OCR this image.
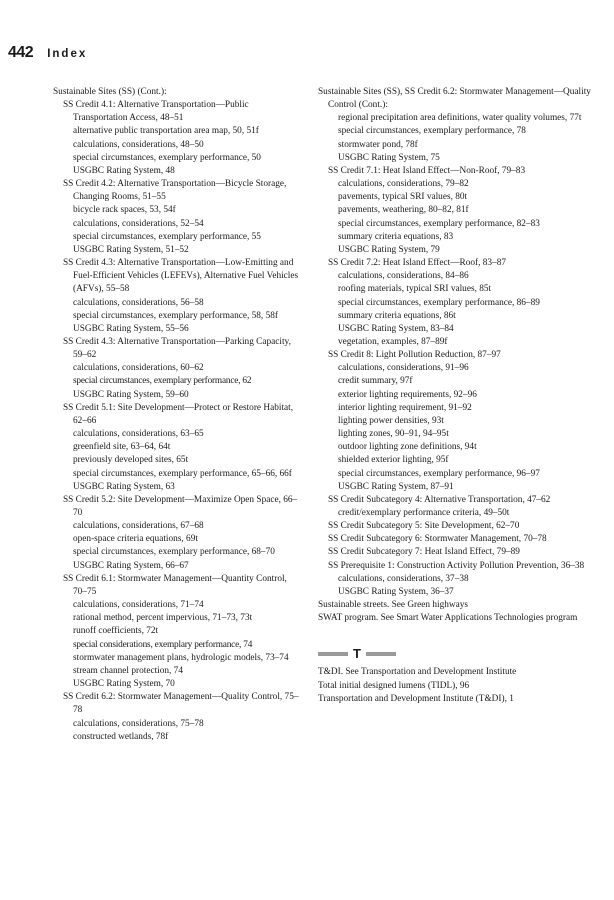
442 Index
Sustainable Sites (SS) (Cont.):
SS Credit 4.1: Alternative Transportation—Public Transportation Access, 48–51
alternative public transportation area map, 50, 51f
calculations, considerations, 48–50
special circumstances, exemplary performance, 50
USGBC Rating System, 48
SS Credit 4.2: Alternative Transportation—Bicycle Storage, Changing Rooms, 51–55
bicycle rack spaces, 53, 54f
calculations, considerations, 52–54
special circumstances, exemplary performance, 55
USGBC Rating System, 51–52
SS Credit 4.3: Alternative Transportation—Low-Emitting and Fuel-Efficient Vehicles (LEFEVs), Alternative Fuel Vehicles (AFVs), 55–58
calculations, considerations, 56–58
special circumstances, exemplary performance, 58, 58f
USGBC Rating System, 55–56
SS Credit 4.3: Alternative Transportation—Parking Capacity, 59–62
calculations, considerations, 60–62
special circumstances, exemplary performance, 62
USGBC Rating System, 59–60
SS Credit 5.1: Site Development—Protect or Restore Habitat, 62–66
calculations, considerations, 63–65
greenfield site, 63–64, 64t
previously developed sites, 65t
special circumstances, exemplary performance, 65–66, 66f
USGBC Rating System, 63
SS Credit 5.2: Site Development—Maximize Open Space, 66–70
calculations, considerations, 67–68
open-space criteria equations, 69t
special circumstances, exemplary performance, 68–70
USGBC Rating System, 66–67
SS Credit 6.1: Stormwater Management—Quantity Control, 70–75
calculations, considerations, 71–74
rational method, percent impervious, 71–73, 73t
runoff coefficients, 72t
special considerations, exemplary performance, 74
stormwater management plans, hydrologic models, 73–74
stream channel protection, 74
USGBC Rating System, 70
SS Credit 6.2: Stormwater Management—Quality Control, 75–78
calculations, considerations, 75–78
constructed wetlands, 78f
Sustainable Sites (SS), SS Credit 6.2: Stormwater Management—Quality Control (Cont.):
regional precipitation area definitions, water quality volumes, 77t
special circumstances, exemplary performance, 78
stormwater pond, 78f
USGBC Rating System, 75
SS Credit 7.1: Heat Island Effect—Non-Roof, 79–83
calculations, considerations, 79–82
pavements, typical SRI values, 80t
pavements, weathering, 80–82, 81f
special circumstances, exemplary performance, 82–83
summary criteria equations, 83
USGBC Rating System, 79
SS Credit 7.2: Heat Island Effect—Roof, 83–87
calculations, considerations, 84–86
roofing materials, typical SRI values, 85t
special circumstances, exemplary performance, 86–89
summary criteria equations, 86t
USGBC Rating System, 83–84
vegetation, examples, 87–89f
SS Credit 8: Light Pollution Reduction, 87–97
calculations, considerations, 91–96
credit summary, 97f
exterior lighting requirements, 92–96
interior lighting requirement, 91–92
lighting power densities, 93t
lighting zones, 90–91, 94–95t
outdoor lighting zone definitions, 94t
shielded exterior lighting, 95f
special circumstances, exemplary performance, 96–97
USGBC Rating System, 87–91
SS Credit Subcategory 4: Alternative Transportation, 47–62
credit/exemplary performance criteria, 49–50t
SS Credit Subcategory 5: Site Development, 62–70
SS Credit Subcategory 6: Stormwater Management, 70–78
SS Credit Subcategory 7: Heat Island Effect, 79–89
SS Prerequisite 1: Construction Activity Pollution Prevention, 36–38
calculations, considerations, 37–38
USGBC Rating System, 36–37
Sustainable streets. See Green highways
SWAT program. See Smart Water Applications Technologies program
T
T&DI. See Transportation and Development Institute
Total initial designed lumens (TIDL), 96
Transportation and Development Institute (T&DI), 1
